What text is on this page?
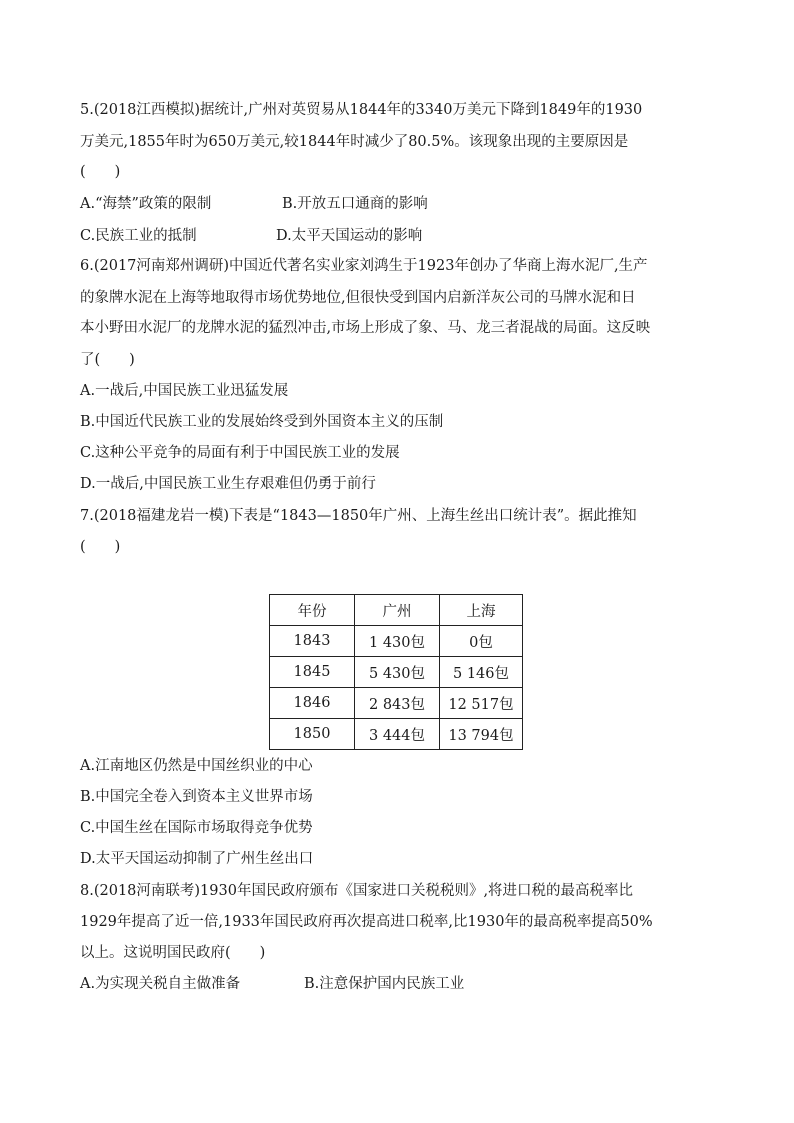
5.(2018江西模拟)据统计,广州对英贸易从1844年的3340万美元下降到1849年的1930
万美元,1855年时为650万美元,较1844年时减少了80.5%。该现象出现的主要原因是
(　　)
A.“海禁”政策的限制	B.开放五口通商的影响
C.民族工业的抵制	D.太平天国运动的影响
6.(2017河南郑州调研)中国近代著名实业家刘鸿生于1923年创办了华商上海水泥厂,生产
的象牌水泥在上海等地取得市场优势地位,但很快受到国内启新洋灰公司的马牌水泥和日
本小野田水泥厂的龙牌水泥的猛烈冲击,市场上形成了象、马、龙三者混战的局面。这反映
了(　　)
A.一战后,中国民族工业迅猛发展
B.中国近代民族工业的发展始终受到外国资本主义的压制
C.这种公平竞争的局面有利于中国民族工业的发展
D.一战后,中国民族工业生存艰难但仍勇于前行
7.(2018福建龙岩一模)下表是“1843—1850年广州、上海生丝出口统计表”。据此推知
(　　)
年份	广州	上海
1843	1 430包	0包
1845	5 430包	5 146包
1846	2 843包	12 517包
1850	3 444包	13 794包
A.江南地区仍然是中国丝织业的中心
B.中国完全卷入到资本主义世界市场
C.中国生丝在国际市场取得竞争优势
D.太平天国运动抑制了广州生丝出口
8.(2018河南联考)1930年国民政府颁布《国家进口关税税则》,将进口税的最高税率比
1929年提高了近一倍,1933年国民政府再次提高进口税率,比1930年的最高税率提高50%
以上。这说明国民政府(　　)
A.为实现关税自主做准备	B.注意保护国内民族工业
